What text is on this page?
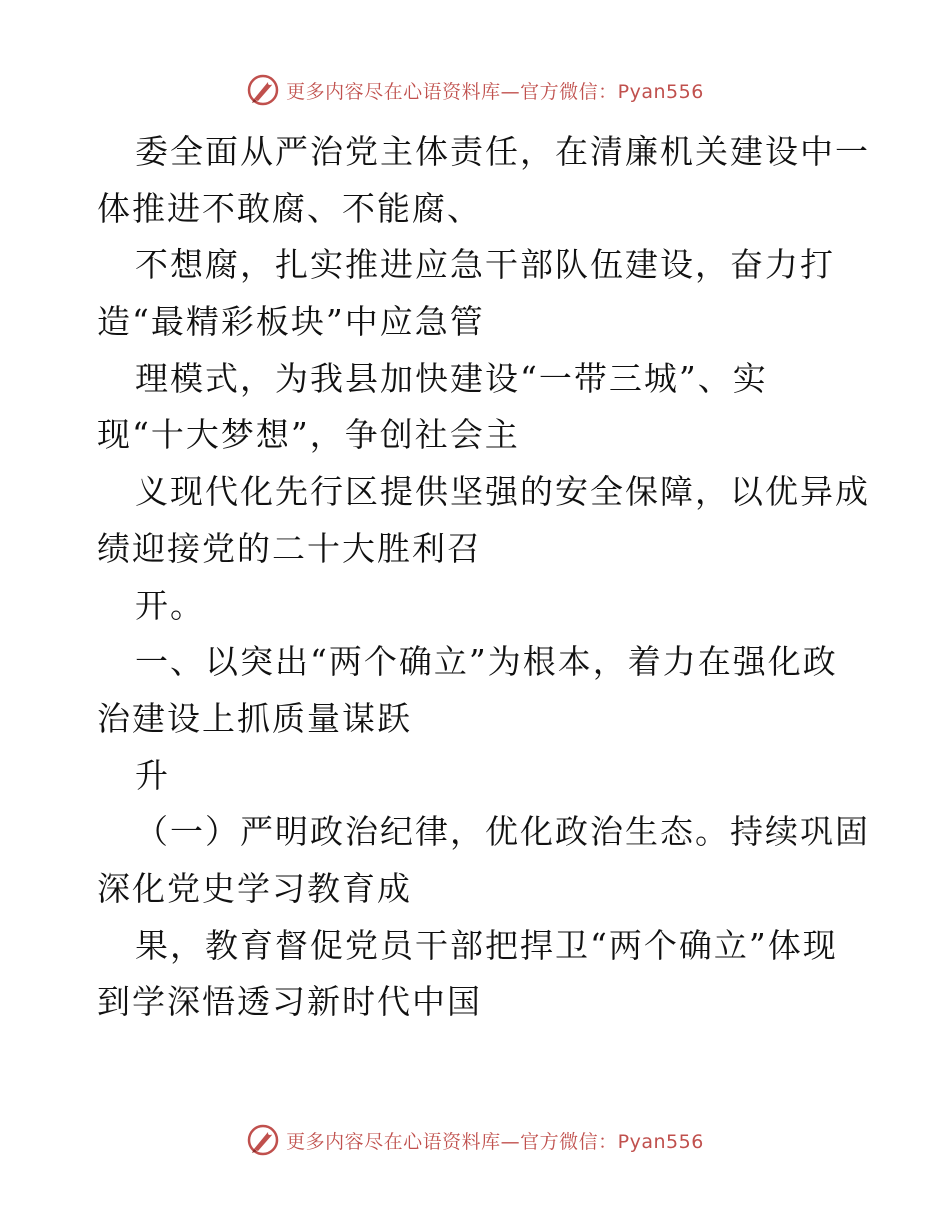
更多内容尽在心语资料库—官方微信：Pyan556
委全面从严治党主体责任，在清廉机关建设中一
体推进不敢腐、不能腐、
不想腐，扎实推进应急干部队伍建设，奋力打
造“最精彩板块”中应急管
理模式，为我县加快建设“一带三城”、实
现“十大梦想”，争创社会主
义现代化先行区提供坚强的安全保障，以优异成
绩迎接党的二十大胜利召
开。
一、以突出“两个确立”为根本，着力在强化政
治建设上抓质量谋跃
升
（一）严明政治纪律，优化政治生态。持续巩固
深化党史学习教育成
果，教育督促党员干部把捍卫“两个确立”体现
到学深悟透习新时代中国
更多内容尽在心语资料库—官方微信：Pyan556
